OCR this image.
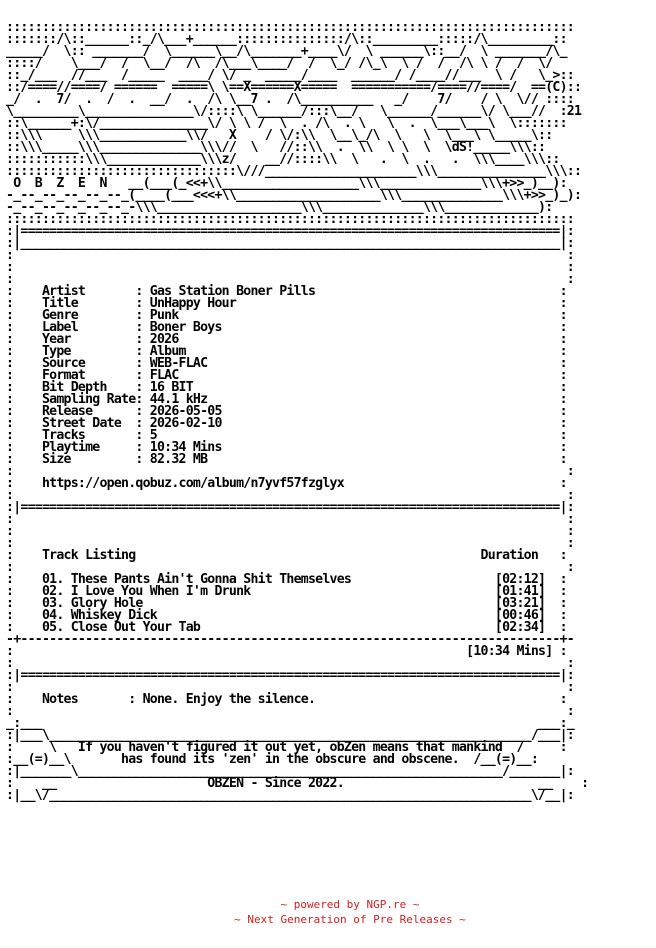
:::::::::::::::::::::::::::::::::::::::::::::::::::::::::::::::::::::::::::::::
:::::::/\::______::_/\___+______:::::::::::::::/\::_________:::::/\_________::
_____/  \:: _______/  \______\__/\_______+____\/  \ ______\::__/  \ _______/\_
::::/    \___/  /  \__/  /\  /\___\____/  /  \_/ /\_\  \ /  /  /\ \ /  /  \/
::_/___  //___  /_____  ____/ \/ _  _____/____  ______/ /____//___  \ /   \_>::
::/====//====/ ======  =====\ \==X======X=====  ===========/====//====/  ==(C)::
_/  .  7/  .  /  .  __/  .  /\ \__7 .  /\__________   _/    7/    / \  \// ::::
\_________\_______________\/::::\ \______/:::\__/   \______/______\/ \___//  :21
::\______+:\/_______________\/ \ \ /  \  . /\  . \   \  .  \___\___\  \:::::::
::\\\     \\\____________\\/   X    / \/:\\  \__\_/\  \   \  \___\ \_____\::
::\\\_____\\\______________\\\//  \   //::\\  .  \\  \ \  \  \dS!_____\\\::
:::::::::::\\\_____________\\\z/    __//::::\\  \   .  \  .   .  \\\____\\\::
::::::::::::::::::::::::::::::::\///_____________________\\\_______________\\\::
O  B  Z  E  N   __(___(_<<+\\___________________\\\______________\\\+>>_)__):
-_--_--_--_--_--_(____(___<<<+\\____________________\\\______________\\\+>>_)_):
-_--_--_--_--_--_-\\\____________________\\\______________\\\_____________):
:::::::::::::::::::::::::::::::::::::::::::::::::::::::::::::::::::::::::::::::
:|===========================================================================|:
:|___________________________________________________________________________|:
:                                                                             :
:                                                                             :
:                                                                             :
:    Artist       : Gas Station Boner Pills                                  :
:    Title        : UnHappy Hour                                             :
:    Genre        : Punk                                                     :
:    Label        : Boner Boys                                               :
:    Year         : 2026                                                     :
:    Type         : Album                                                    :
:    Source       : WEB-FLAC                                                 :
:    Format       : FLAC                                                     :
:    Bit Depth    : 16 BIT                                                   :
:    Sampling Rate: 44.1 kHz                                                 :
:    Release      : 2026-05-05                                               :
:    Street Date  : 2026-02-10                                               :
:    Tracks       : 5                                                        :
:    Playtime     : 10:34 Mins                                               :
:    Size         : 82.32 MB                                                 :
:                                                                             :
:    https://open.qobuz.com/album/n7yvf57fzglyx                              :
:                                                                             :
:|===========================================================================|:
:                                                                             :
:                                                                             :
:                                                                             :
:    Track Listing                                                Duration   :
:                                                                             :
:    01. These Pants Ain't Gonna Shit Themselves                    [02:12]  :
:    02. I Love You When I'm Drunk                                  [01:41]  :
:    03. Glory Hole                                                 [03:21]  :
:    04. Whiskey Dick                                               [00:46]  :
:    05. Close Out Your Tab                                         [02:34]  :
-+---------------------------------------------------------------------------+-
:                                                               [10:34 Mins] :
:                                                                             :
:|===========================================================================|:
:                                                                             :
:    Notes       : None. Enjoy the silence.                                  :
:                                                                             :
_:___                                                                     ___:_
:|___\___________________________________________________________________/___|:
:     \   If you haven't figured it out yet, obZen means that mankind  /     :
:__(=)__\       has found its 'zen' in the obscure and obscene.  /__(=)__:
:|_______\___________________________________________________________/_______|:
:    __                     OBZEN - Since 2022.                           __    :
:|__\/___________________________________________________________________\/__|:
~ powered by NGP.re ~
~ Next Generation of Pre Releases ~
